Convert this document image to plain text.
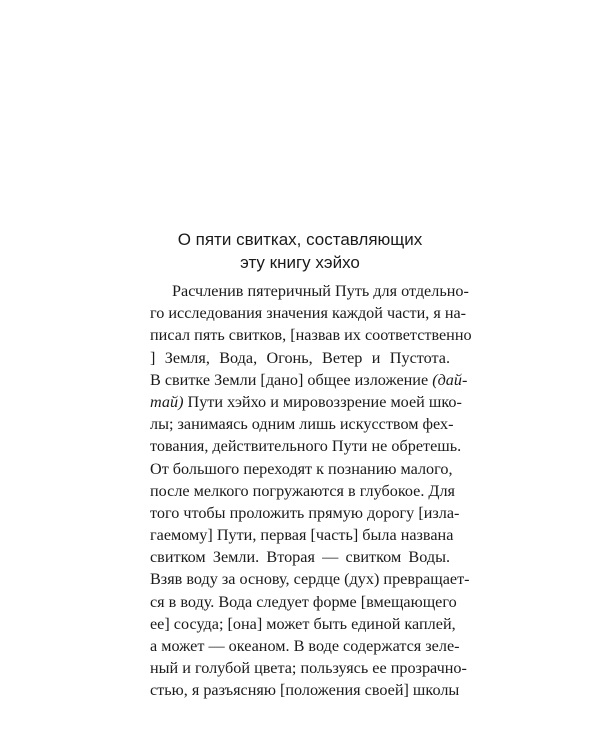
О пяти свитках, составляющих
эту книгу хэйхо
Расчленив пятеричный Путь для отдельно-
го исследования значения каждой части, я на-
писал пять свитков, [назвав их соответственно
] Земля, Вода, Огонь, Ветер и Пустота.
В свитке Земли [дано] общее изложение (дай-
тай) Пути хэйхо и мировоззрение моей шко-
лы; занимаясь одним лишь искусством фех-
тования, действительного Пути не обретешь.
От большого переходят к познанию малого,
после мелкого погружаются в глубокое. Для
того чтобы проложить прямую дорогу [изла-
гаемому] Пути, первая [часть] была названа
свитком Земли. Вторая — свитком Воды.
Взяв воду за основу, сердце (дух) превращает-
ся в воду. Вода следует форме [вмещающего
ее] сосуда; [она] может быть единой каплей,
а может — океаном. В воде содержатся зеле-
ный и голубой цвета; пользуясь ее прозрачно-
стью, я разъясняю [положения своей] школы
